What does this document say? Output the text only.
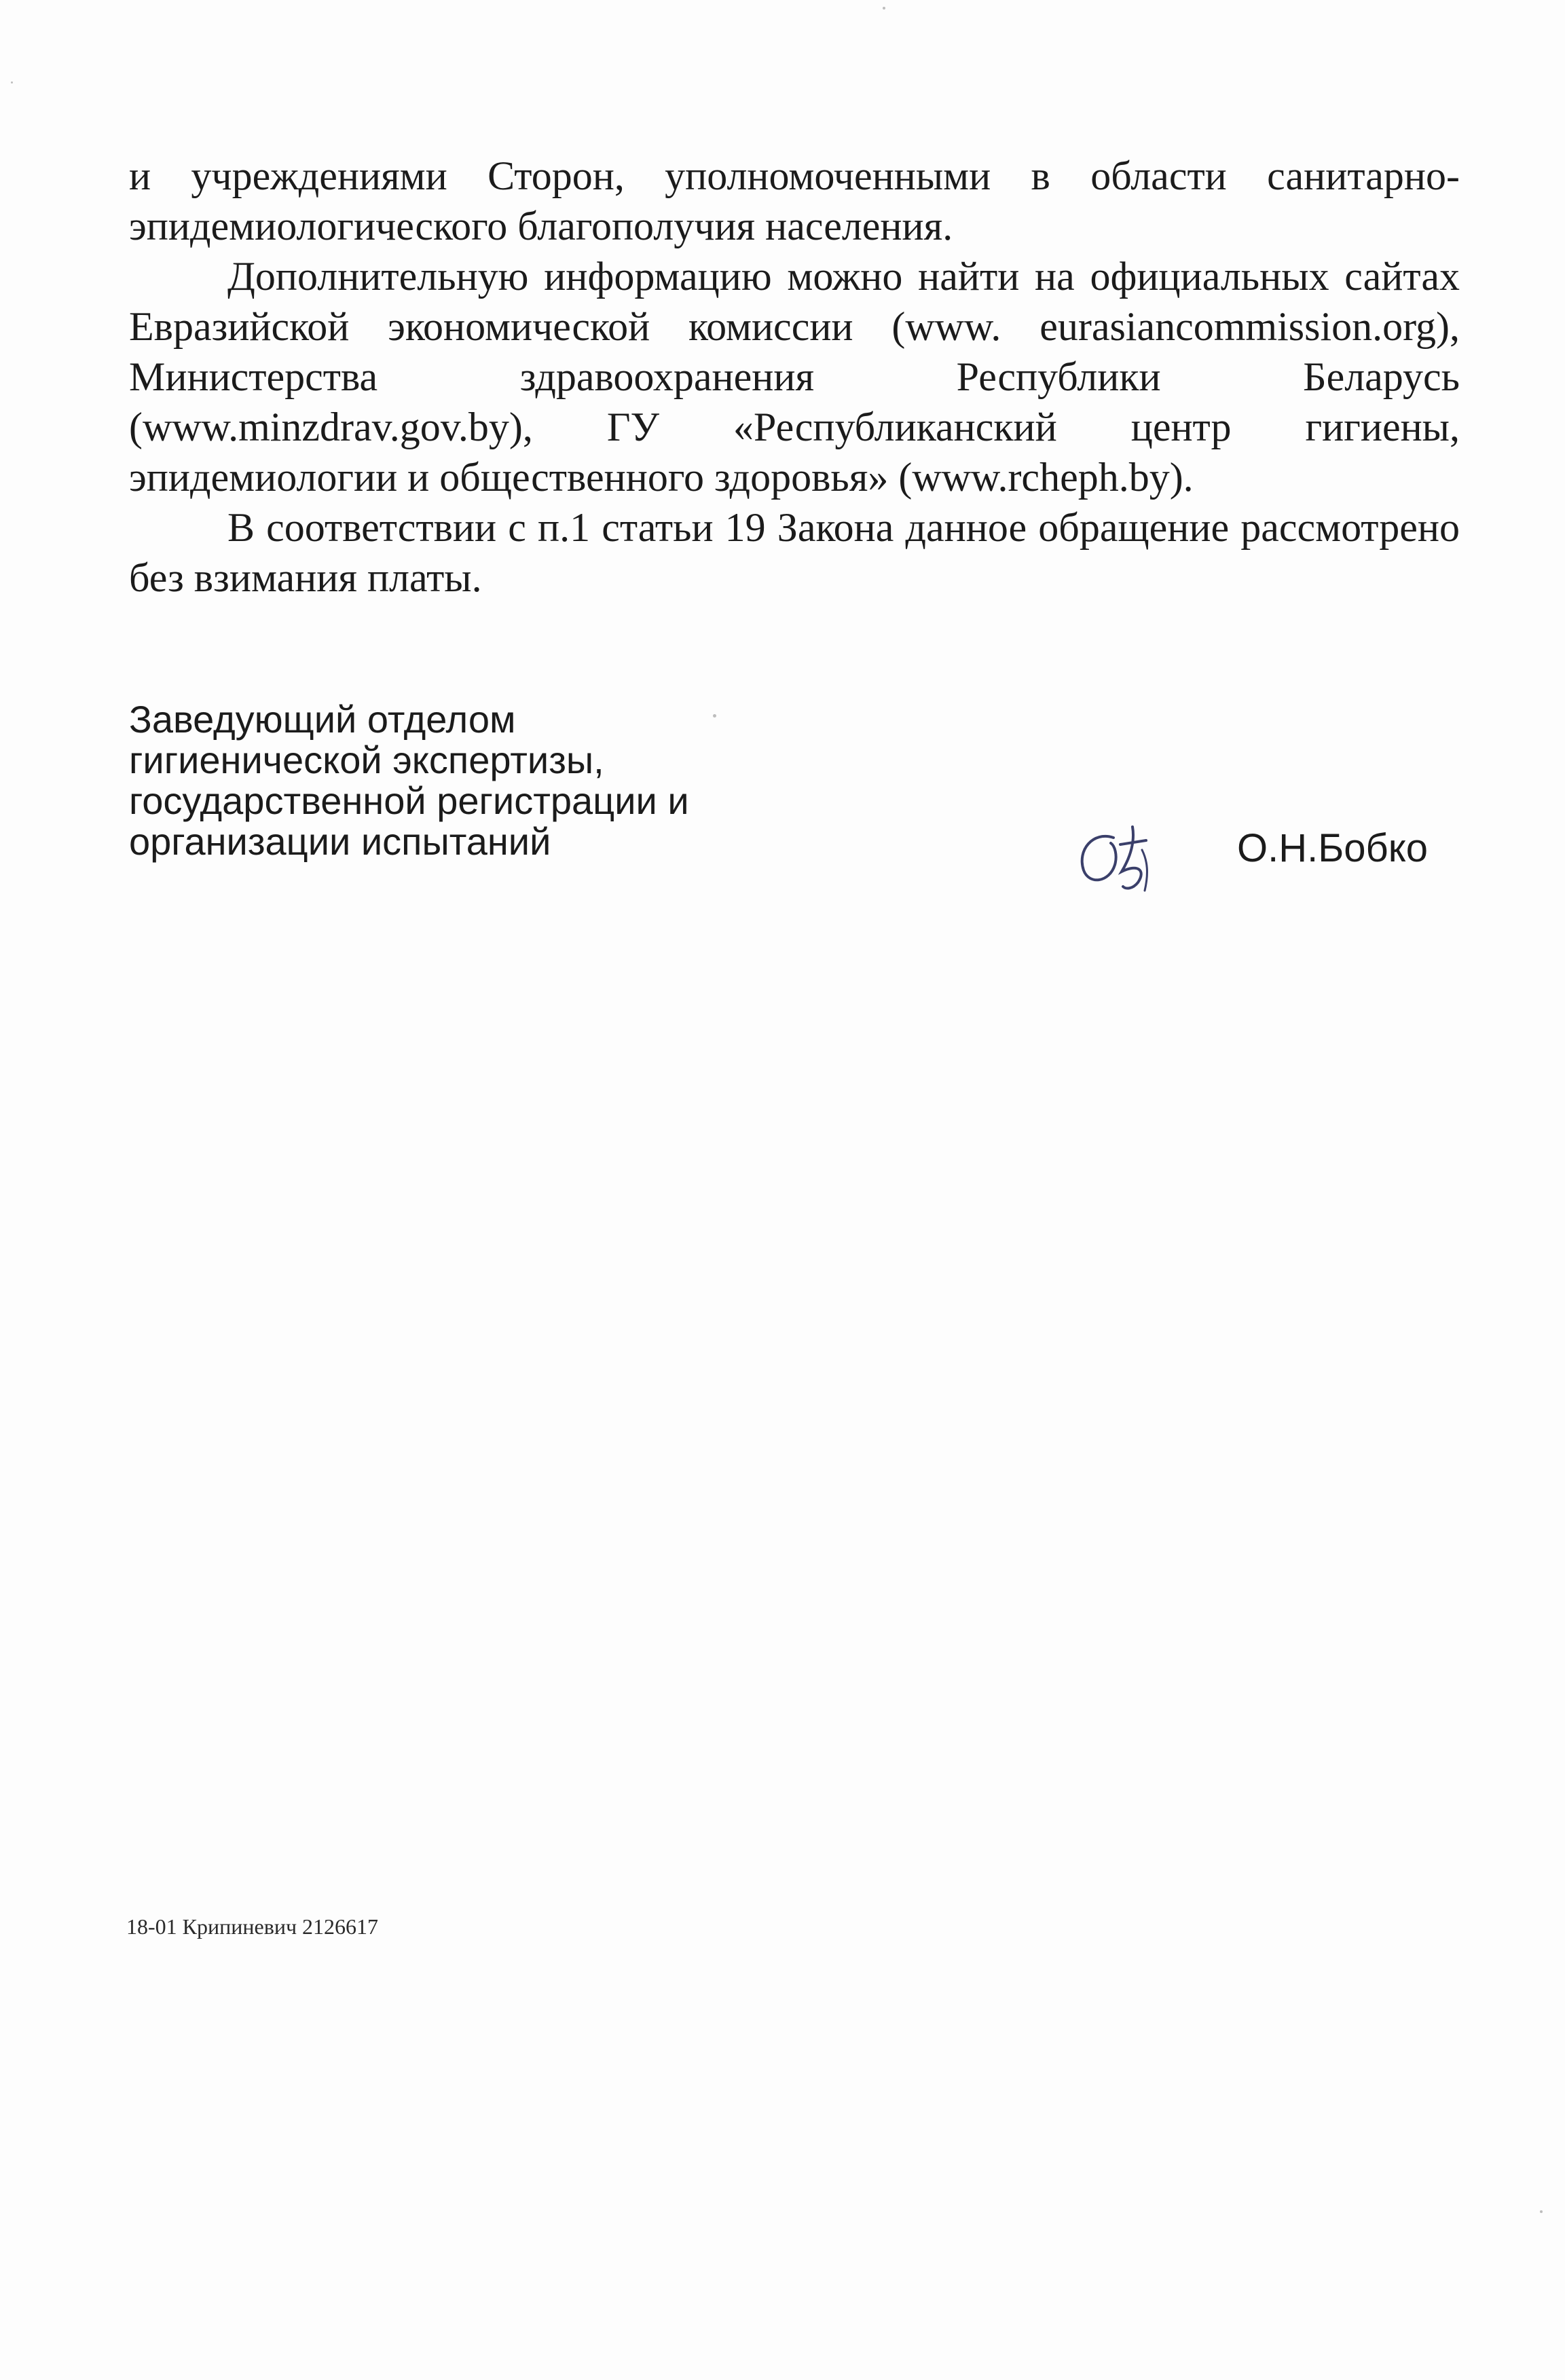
и учреждениями Сторон, уполномоченными в области санитарно-эпидемиологического благополучия населения.

Дополнительную информацию можно найти на официальных сайтах Евразийской экономической комиссии (www. eurasiancommission.org), Министерства здравоохранения Республики Беларусь (www.minzdrav.gov.by), ГУ «Республиканский центр гигиены, эпидемиологии и общественного здоровья» (www.rcheph.by).

В соответствии с п.1 статьи 19 Закона данное обращение рассмотрено без взимания платы.

Заведующий отделом
гигиенической экспертизы,
государственной регистрации и
организации испытаний	О.Н.Бобко
18-01 Крипиневич 2126617
